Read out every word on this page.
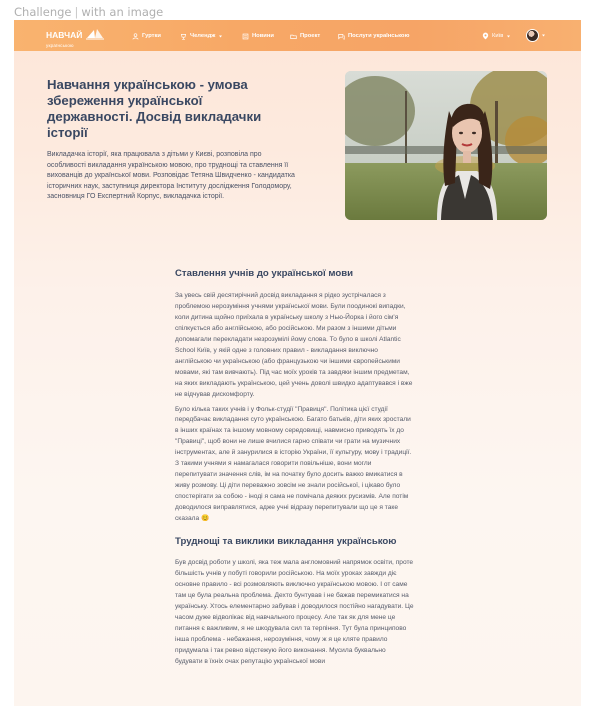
Challenge | with an image
НАВЧАЙ
українською
Гуртки	Челендж	Новини	Проект	Послуги українською	Київ
Навчання українською - умова збереження української державності. Досвід викладачки історії

Викладачка історії, яка працювала з дітьми у Києві, розповіла про особливості викладання українською мовою, про труднощі та ставлення її вихованців до української мови. Розповідає Тетяна Швидченко - кандидатка історичних наук, заступниця директора Інституту дослідження Голодомору, засновниця ГО Експертний Корпус, викладачка історії.

Ставлення учнів до української мови

За увесь свій десятирічний досвід викладання я рідко зустрічалася з проблемою нерозуміння учнями української мови. Були поодинокі випадки, коли дитина щойно приїхала в українську школу з Нью-Йорка і його сім'я спілкується або англійською, або російською. Ми разом з іншими дітьми допомагали перекладати незрозумілі йому слова. То було в школі Atlantic School Київ, у якій одне з головних правил - викладання виключно англійською чи українською (або французькою чи іншими європейськими мовами, які там вивчають). Під час моїх уроків та завдяки іншим предметам, на яких викладають українською, цей учень доволі швидко адаптувався і вже не відчував дискомфорту.

Було кілька таких учнів і у Фольк-студії "Правиця". Політика цієї студії передбачає викладання суто українською. Багато батьків, діти яких зростали в інших країнах та іншому мовному середовищі, навмисно приводять їх до "Правиці", щоб вони не лише вчилися гарно співати чи грати на музичних інструментах, але й занурилися в історію України, її культуру, мову і традиції. З такими учнями я намагалася говорити повільніше, вони могли перепитувати значення слів, ім на початку було досить важко вмикатися в живу розмову. Ці діти переважно зовсім не знали російської, і цікаво було спостерігати за собою - іноді я сама не помічала деяких русизмів. Але потім доводилося виправлятися, адже учні відразу перепитували що це я таке сказала 😊

Труднощі та виклики викладання українською

Був досвід роботи у школі, яка теж мала англомовний напрямок освіти, проте більшість учнів у побуті говорили російською. На моїх уроках завжди діє основне правило - всі розмовляють виключно українською мовою. І от саме там це була реальна проблема. Дехто бунтував і не бажав перемикатися на українську. Хтось елементарно забував і доводилося постійно нагадувати. Це часом дуже відволікає від навчального процесу. Але так як для мене це питання є важливим, я не шкодувала сил та терпіння. Тут була принципово інша проблема - небажання, нерозуміння, чому ж я це кляте правило придумала і так ревно відстежую його виконання. Мусила буквально будувати в їхніх очах репутацію української мови
